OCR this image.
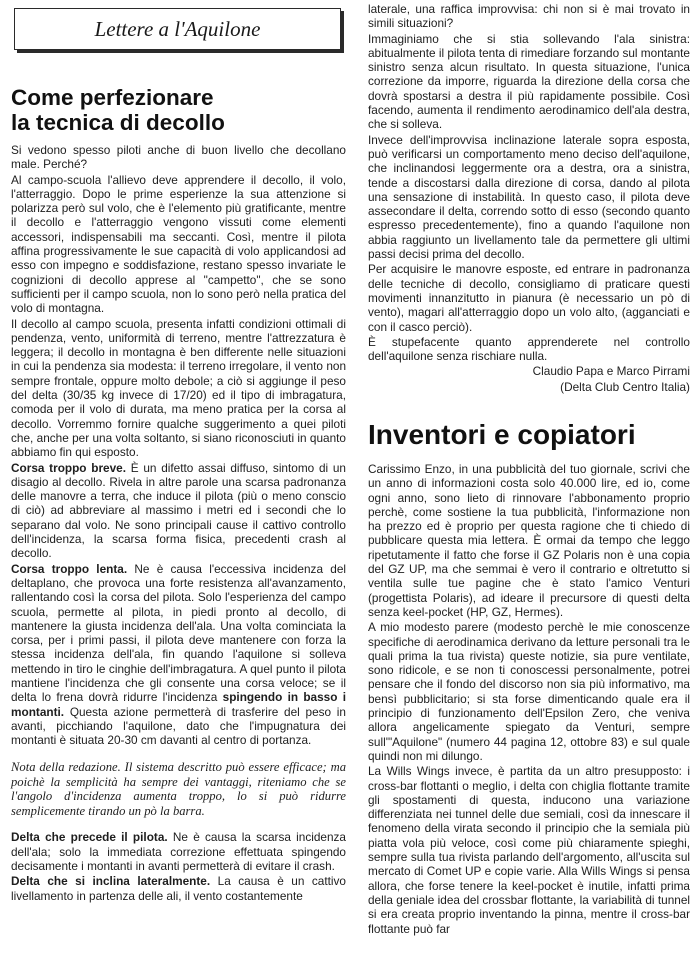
Lettere a l'Aquilone
Come perfezionare
la tecnica di decollo

Si vedono spesso piloti anche di buon livello che decollano male. Perché?

Al campo-scuola l'allievo deve apprendere il decollo, il volo, l'atterraggio. Dopo le prime esperienze la sua attenzione si polarizza però sul volo, che è l'elemento più gratificante, mentre il decollo e l'atterraggio vengono vissuti come elementi accessori, indispensabili ma seccanti. Così, mentre il pilota affina progressivamente le sue capacità di volo applicandosi ad esso con impegno e soddisfazione, restano spesso invariate le cognizioni di decollo apprese al "campetto", che se sono sufficienti per il campo scuola, non lo sono però nella pratica del volo di montagna.

Il decollo al campo scuola, presenta infatti condizioni ottimali di pendenza, vento, uniformità di terreno, mentre l'attrezzatura è leggera; il decollo in montagna è ben differente nelle situazioni in cui la pendenza sia modesta: il terreno irregolare, il vento non sempre frontale, oppure molto debole; a ciò si aggiunge il peso del delta (30/35 kg invece di 17/20) ed il tipo di imbragatura, comoda per il volo di durata, ma meno pratica per la corsa al decollo. Vorremmo fornire qualche suggerimento a quei piloti che, anche per una volta soltanto, si siano riconosciuti in quanto abbiamo fin qui esposto.

Corsa troppo breve. È un difetto assai diffuso, sintomo di un disagio al decollo. Rivela in altre parole una scarsa padronanza delle manovre a terra, che induce il pilota (più o meno conscio di ciò) ad abbreviare al massimo i metri ed i secondi che lo separano dal volo. Ne sono principali cause il cattivo controllo dell'incidenza, la scarsa forma fisica, precedenti crash al decollo.

Corsa troppo lenta. Ne è causa l'eccessiva incidenza del deltaplano, che provoca una forte resistenza all'avanzamento, rallentando così la corsa del pilota. Solo l'esperienza del campo scuola, permette al pilota, in piedi pronto al decollo, di mantenere la giusta incidenza dell'ala. Una volta cominciata la corsa, per i primi passi, il pilota deve mantenere con forza la stessa incidenza dell'ala, fin quando l'aquilone si solleva mettendo in tiro le cinghie dell'imbragatura. A quel punto il pilota mantiene l'incidenza che gli consente una corsa veloce; se il delta lo frena dovrà ridurre l'incidenza spingendo in basso i montanti. Questa azione permetterà di trasferire del peso in avanti, picchiando l'aquilone, dato che l'impugnatura dei montanti è situata 20-30 cm davanti al centro di portanza.

Nota della redazione. Il sistema descritto può essere efficace; ma poichè la semplicità ha sempre dei vantaggi, riteniamo che se l'angolo d'incidenza aumenta troppo, lo si può ridurre semplicemente tirando un pò la barra.

Delta che precede il pilota. Ne è causa la scarsa incidenza dell'ala; solo la immediata correzione effettuata spingendo decisamente i montanti in avanti permetterà di evitare il crash.

Delta che si inclina lateralmente. La causa è un cattivo livellamento in partenza delle ali, il vento costantemente

laterale, una raffica improvvisa: chi non si è mai trovato in simili situazioni?

Immaginiamo che si stia sollevando l'ala sinistra: abitualmente il pilota tenta di rimediare forzando sul montante sinistro senza alcun risultato. In questa situazione, l'unica correzione da imporre, riguarda la direzione della corsa che dovrà spostarsi a destra il più rapidamente possibile. Così facendo, aumenta il rendimento aerodinamico dell'ala destra, che si solleva.

Invece dell'improvvisa inclinazione laterale sopra esposta, può verificarsi un comportamento meno deciso dell'aquilone, che inclinandosi leggermente ora a destra, ora a sinistra, tende a discostarsi dalla direzione di corsa, dando al pilota una sensazione di instabilità. In questo caso, il pilota deve assecondare il delta, correndo sotto di esso (secondo quanto espresso precedentemente), fino a quando l'aquilone non abbia raggiunto un livellamento tale da permettere gli ultimi passi decisi prima del decollo.

Per acquisire le manovre esposte, ed entrare in padronanza delle tecniche di decollo, consigliamo di praticare questi movimenti innanzitutto in pianura (è necessario un pò di vento), magari all'atterraggio dopo un volo alto, (agganciati e con il casco perciò).

È stupefacente quanto apprenderete nel controllo dell'aquilone senza rischiare nulla.

Claudio Papa e Marco Pirrami

(Delta Club Centro Italia)

Inventori e copiatori

Carissimo Enzo, in una pubblicità del tuo giornale, scrivi che un anno di informazioni costa solo 40.000 lire, ed io, come ogni anno, sono lieto di rinnovare l'abbonamento proprio perchè, come sostiene la tua pubblicità, l'informazione non ha prezzo ed è proprio per questa ragione che ti chiedo di pubblicare questa mia lettera. È ormai da tempo che leggo ripetutamente il fatto che forse il GZ Polaris non è una copia del GZ UP, ma che semmai è vero il contrario e oltretutto si ventila sulle tue pagine che è stato l'amico Venturi (progettista Polaris), ad ideare il precursore di questi delta senza keel-pocket (HP, GZ, Hermes).

A mio modesto parere (modesto perchè le mie conoscenze specifiche di aerodinamica derivano da letture personali tra le quali prima la tua rivista) queste notizie, sia pure ventilate, sono ridicole, e se non ti conoscessi personalmente, potrei pensare che il fondo del discorso non sia più informativo, ma bensì pubblicitario; si sta forse dimenticando quale era il principio di funzionamento dell'Epsilon Zero, che veniva allora angelicamente spiegato da Venturi, sempre sull'"Aquilone" (numero 44 pagina 12, ottobre 83) e sul quale quindi non mi dilungo.

La Wills Wings invece, è partita da un altro presupposto: i cross-bar flottanti o meglio, i delta con chiglia flottante tramite gli spostamenti di questa, inducono una variazione differenziata nei tunnel delle due semiali, così da innescare il fenomeno della virata secondo il principio che la semiala più piatta vola più veloce, così come più chiaramente spieghi, sempre sulla tua rivista parlando dell'argomento, all'uscita sul mercato di Comet UP e copie varie. Alla Wills Wings si pensa allora, che forse tenere la keel-pocket è inutile, infatti prima della geniale idea del crossbar flottante, la variabilità di tunnel si era creata proprio inventando la pinna, mentre il cross-bar flottante può far
